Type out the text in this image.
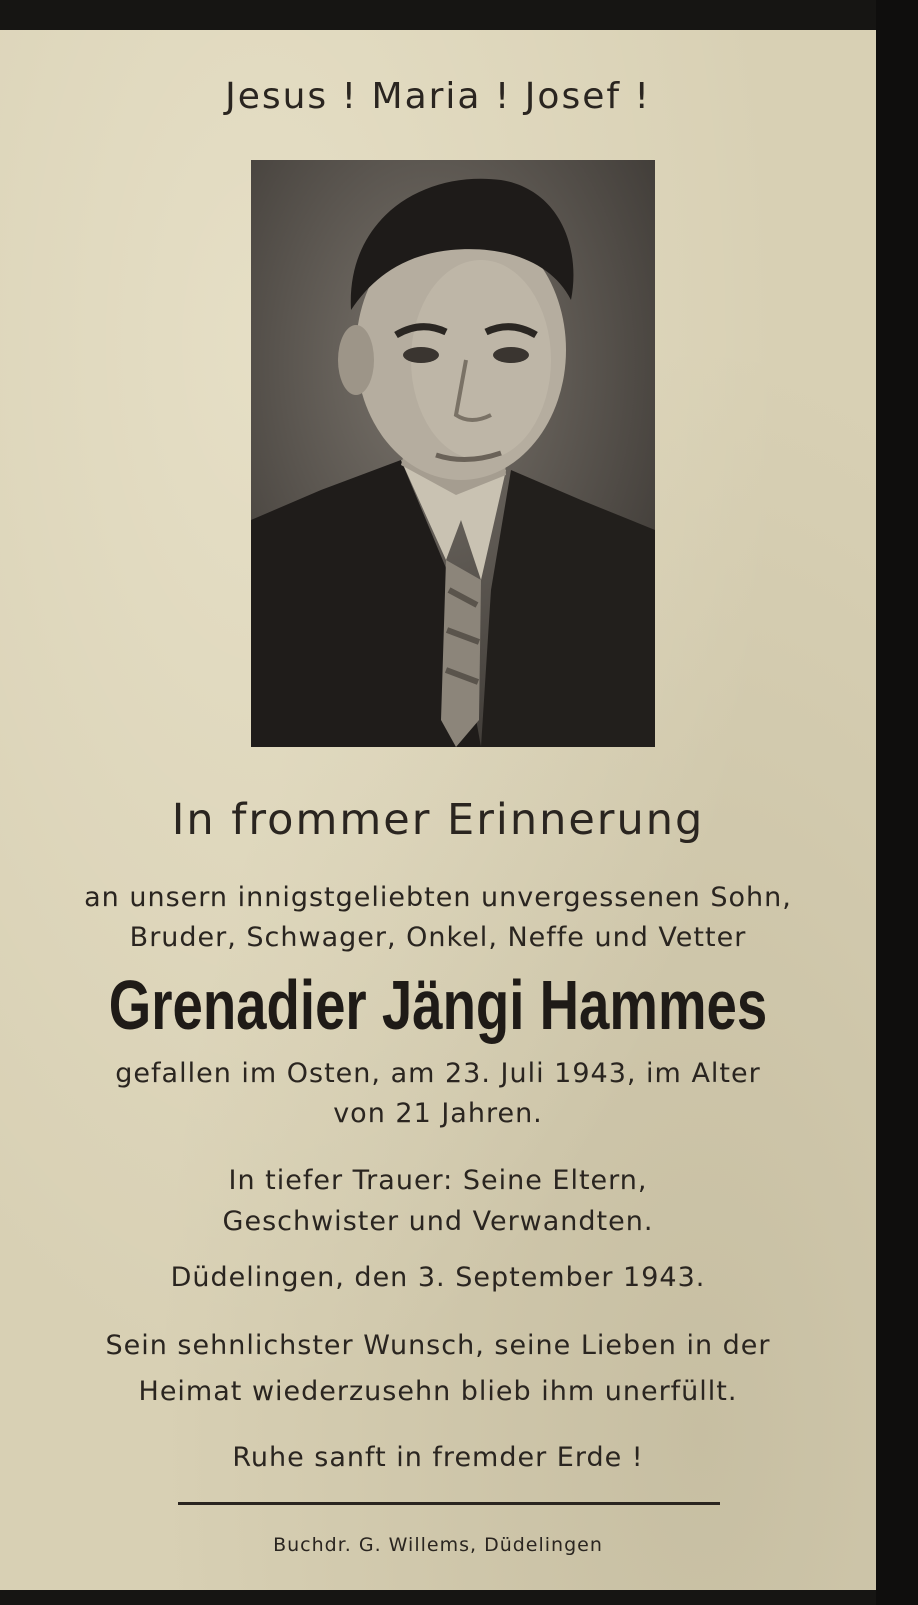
Jesus ! Maria ! Josef !
In frommer Erinnerung
an unsern innigstgeliebten unvergessenen Sohn,
Bruder, Schwager, Onkel, Neffe und Vetter
Grenadier Jängi Hammes
gefallen im Osten, am 23. Juli 1943, im Alter
von 21 Jahren.
In tiefer Trauer: Seine Eltern,
Geschwister und Verwandten.
Düdelingen, den 3. September 1943.
Sein sehnlichster Wunsch, seine Lieben in der
Heimat wiederzusehn blieb ihm unerfüllt.
Ruhe sanft in fremder Erde !
Buchdr. G. Willems, Düdelingen
